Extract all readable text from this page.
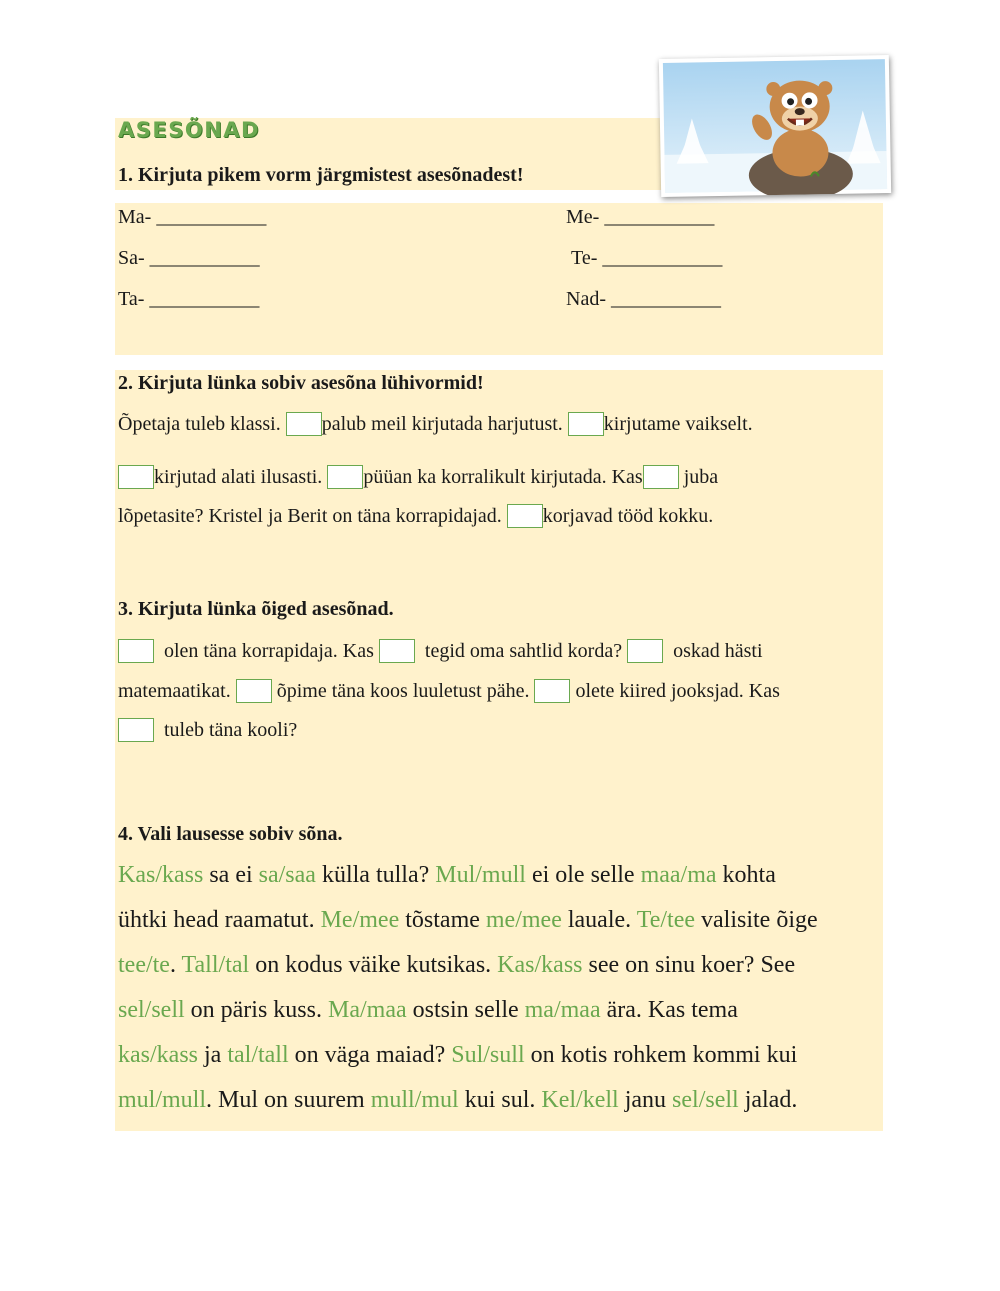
ASESÕNAD
1. Kirjuta pikem vorm järgmistest asesõnadest!
Ma- ___________
Sa- ___________
Ta- ___________
Me- ___________
Te- ____________
Nad- ___________
2. Kirjuta lünka sobiv asesõna lühivormid!
Õpetaja tuleb klassi. palub meil kirjutada harjutust. kirjutame vaikselt.
kirjutad alati ilusasti. püüan ka korralikult kirjutada. Kas juba
lõpetasite? Kristel ja Berit on täna korrapidajad. korjavad tööd kokku.
3. Kirjuta lünka õiged asesõnad.
olen täna korrapidaja. Kas	tegid oma sahtlid korda?	oskad hästi
matemaatikat. õpime täna koos luuletust pähe. olete kiired jooksjad. Kas
tuleb täna kooli?
4. Vali lausesse sobiv sõna.
Kas/kass sa ei sa/saa külla tulla? Mul/mull ei ole selle maa/ma kohta
ühtki head raamatut. Me/mee tõstame me/mee lauale. Te/tee valisite õige
tee/te. Tall/tal on kodus väike kutsikas. Kas/kass see on sinu koer? See
sel/sell on päris kuss. Ma/maa ostsin selle ma/maa ära. Kas tema
kas/kass ja tal/tall on väga maiad? Sul/sull on kotis rohkem kommi kui
mul/mull. Mul on suurem mull/mul kui sul. Kel/kell janu sel/sell jalad.
